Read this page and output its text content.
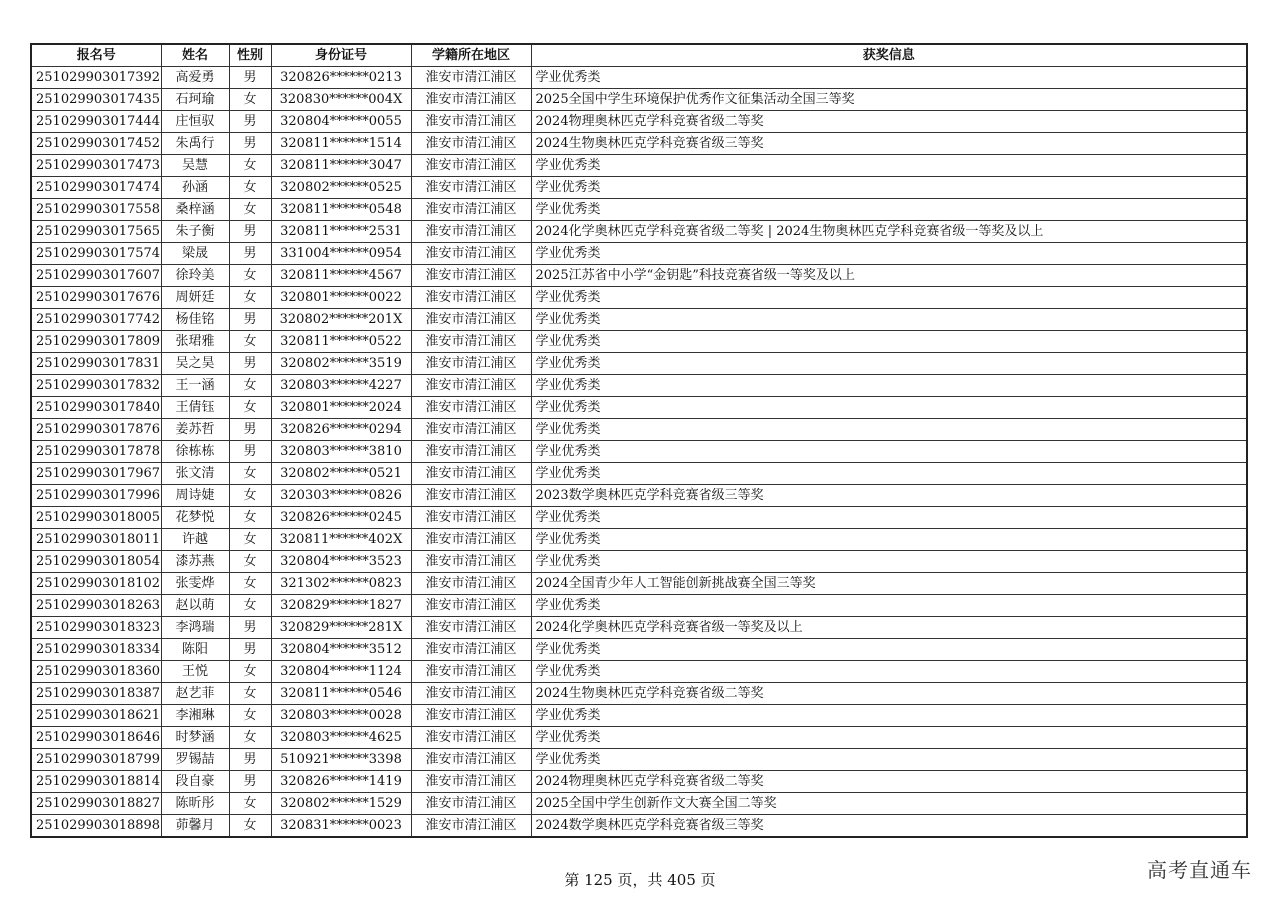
报名号	姓名	性别	身份证号	学籍所在地区	获奖信息
251029903017392	高爱勇	男	320826******0213	淮安市清江浦区	学业优秀类
251029903017435	石珂瑜	女	320830******004X	淮安市清江浦区	2025全国中学生环境保护优秀作文征集活动全国三等奖
251029903017444	庄恒驭	男	320804******0055	淮安市清江浦区	2024物理奥林匹克学科竞赛省级二等奖
251029903017452	朱禹行	男	320811******1514	淮安市清江浦区	2024生物奥林匹克学科竞赛省级三等奖
251029903017473	吴慧	女	320811******3047	淮安市清江浦区	学业优秀类
251029903017474	孙涵	女	320802******0525	淮安市清江浦区	学业优秀类
251029903017558	桑梓涵	女	320811******0548	淮安市清江浦区	学业优秀类
251029903017565	朱子衡	男	320811******2531	淮安市清江浦区	2024化学奥林匹克学科竞赛省级二等奖 | 2024生物奥林匹克学科竞赛省级一等奖及以上
251029903017574	梁晟	男	331004******0954	淮安市清江浦区	学业优秀类
251029903017607	徐玲美	女	320811******4567	淮安市清江浦区	2025江苏省中小学“金钥匙”科技竞赛省级一等奖及以上
251029903017676	周妍廷	女	320801******0022	淮安市清江浦区	学业优秀类
251029903017742	杨佳铭	男	320802******201X	淮安市清江浦区	学业优秀类
251029903017809	张珺雅	女	320811******0522	淮安市清江浦区	学业优秀类
251029903017831	吴之昊	男	320802******3519	淮安市清江浦区	学业优秀类
251029903017832	王一涵	女	320803******4227	淮安市清江浦区	学业优秀类
251029903017840	王倩钰	女	320801******2024	淮安市清江浦区	学业优秀类
251029903017876	姜苏哲	男	320826******0294	淮安市清江浦区	学业优秀类
251029903017878	徐栋栋	男	320803******3810	淮安市清江浦区	学业优秀类
251029903017967	张文清	女	320802******0521	淮安市清江浦区	学业优秀类
251029903017996	周诗婕	女	320303******0826	淮安市清江浦区	2023数学奥林匹克学科竞赛省级三等奖
251029903018005	花梦悦	女	320826******0245	淮安市清江浦区	学业优秀类
251029903018011	许越	女	320811******402X	淮安市清江浦区	学业优秀类
251029903018054	漆苏燕	女	320804******3523	淮安市清江浦区	学业优秀类
251029903018102	张雯烨	女	321302******0823	淮安市清江浦区	2024全国青少年人工智能创新挑战赛全国三等奖
251029903018263	赵以萌	女	320829******1827	淮安市清江浦区	学业优秀类
251029903018323	李鸿瑞	男	320829******281X	淮安市清江浦区	2024化学奥林匹克学科竞赛省级一等奖及以上
251029903018334	陈阳	男	320804******3512	淮安市清江浦区	学业优秀类
251029903018360	王悦	女	320804******1124	淮安市清江浦区	学业优秀类
251029903018387	赵艺菲	女	320811******0546	淮安市清江浦区	2024生物奥林匹克学科竞赛省级二等奖
251029903018621	李湘琳	女	320803******0028	淮安市清江浦区	学业优秀类
251029903018646	时梦涵	女	320803******4625	淮安市清江浦区	学业优秀类
251029903018799	罗锡喆	男	510921******3398	淮安市清江浦区	学业优秀类
251029903018814	段自豪	男	320826******1419	淮安市清江浦区	2024物理奥林匹克学科竞赛省级二等奖
251029903018827	陈昕彤	女	320802******1529	淮安市清江浦区	2025全国中学生创新作文大赛全国二等奖
251029903018898	茆馨月	女	320831******0023	淮安市清江浦区	2024数学奥林匹克学科竞赛省级三等奖
第 125 页，共 405 页	高考直通车
